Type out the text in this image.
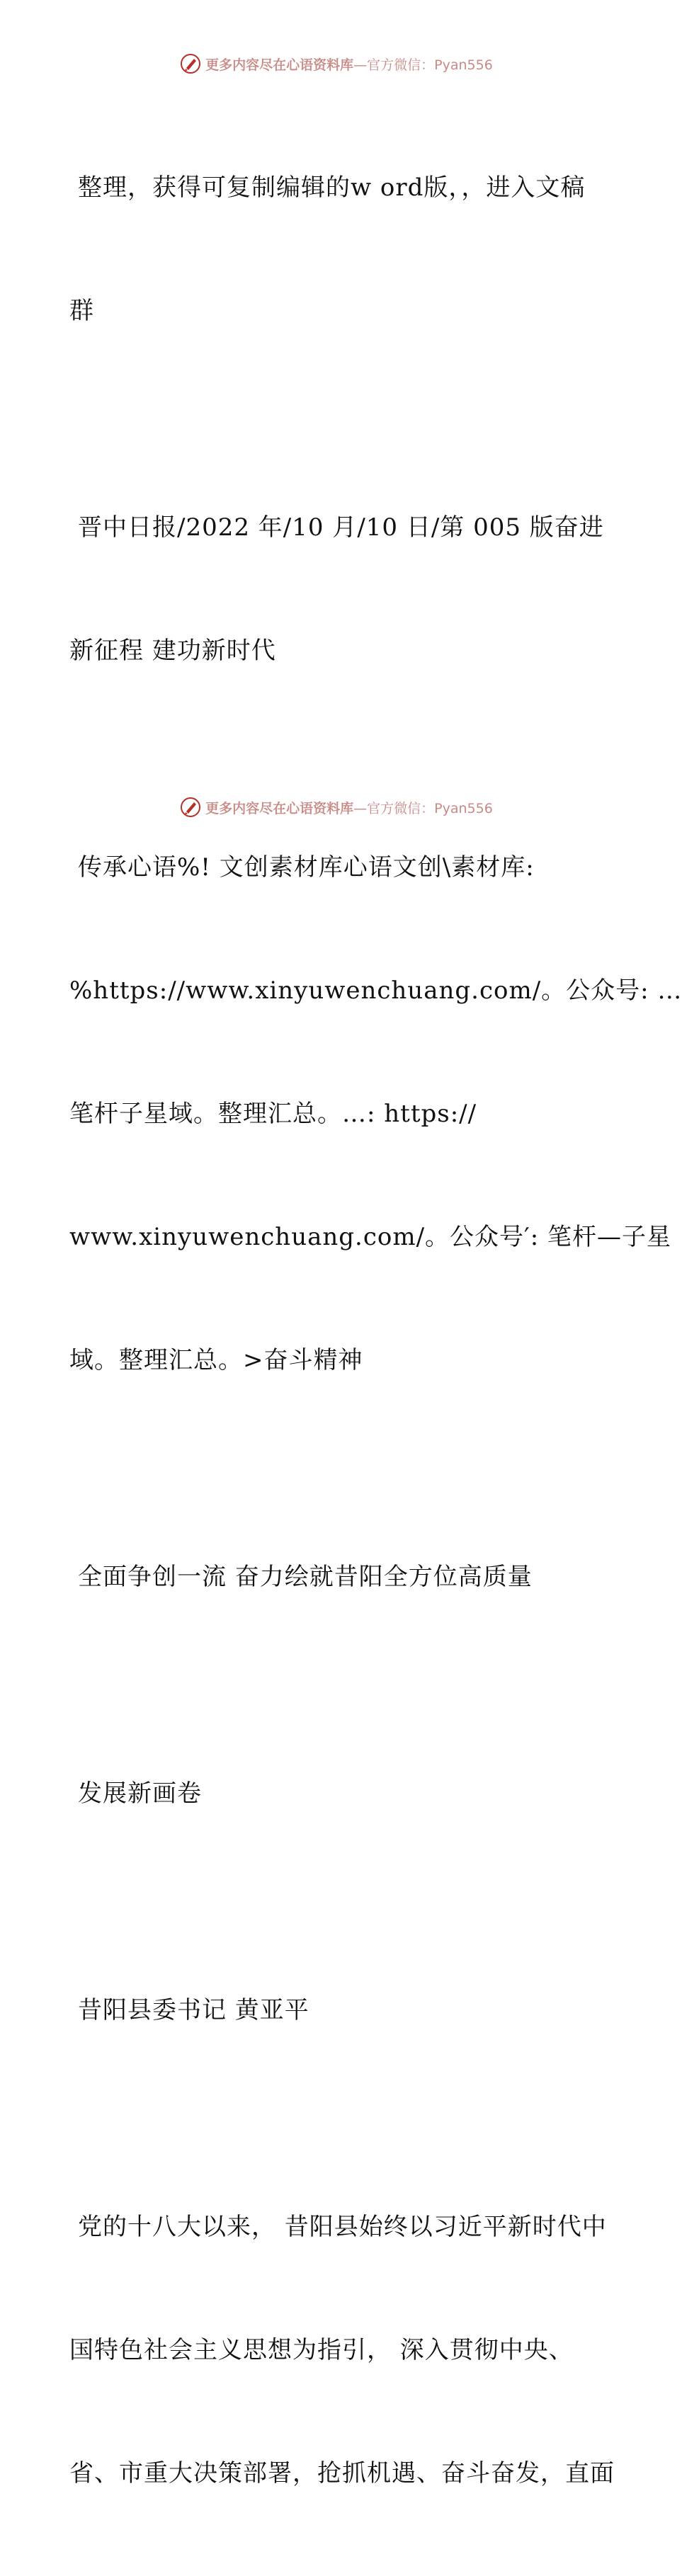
更多内容尽在心语资料库—官方微信：Pyan556

整理，获得可复制编辑的w ord版，，进入文稿

群

晋中日报/2022 年/10 月/10 日/第 005 版奋进

新征程 建功新时代

传承心语%! 文创素材库心语文创\素材库:

%https://www.xinyuwenchuang.com/。公众号: …

笔杆子星域。整理汇总。…: https://

www.xinyuwenchuang.com/。公众号′: 笔杆—子星

域。整理汇总。>奋斗精神

全面争创一流 奋力绘就昔阳全方位高质量

发展新画卷

昔阳县委书记 黄亚平

党的十八大以来， 昔阳县始终以习近平新时代中

国特色社会主义思想为指引， 深入贯彻中央、

省、市重大决策部署，抢抓机遇、奋斗奋发，直面

更多内容尽在心语资料库—官方微信：Pyan556
